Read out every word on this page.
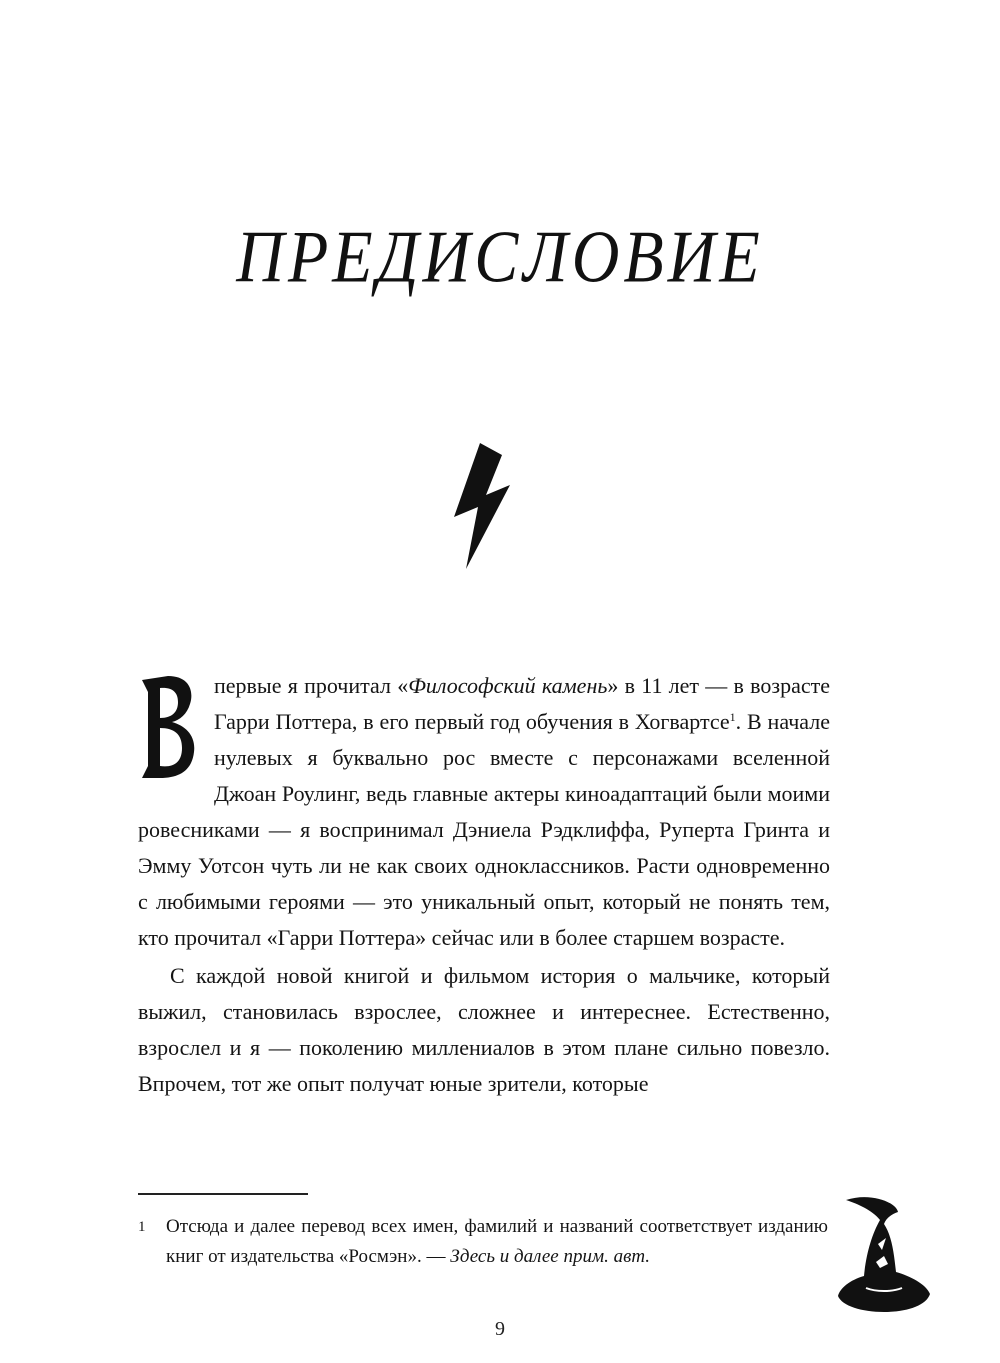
ПРЕДИСЛОВИЕ

первые я прочитал «Философский камень» в 11 лет — в возрасте Гарри Поттера, в его первый год обучения в Хогвартсе$^1$. В начале нулевых я буквально рос вместе с персонажами вселенной Джоан Роулинг, ведь главные актеры киноадаптаций были моими ровесниками — я воспринимал Дэниела Рэдклиффа, Руперта Гринта и Эмму Уотсон чуть ли не как своих одноклассников. Расти одновременно с любимыми героями — это уникальный опыт, который не понять тем, кто прочитал «Гарри Поттера» сейчас или в более старшем возрасте.

С каждой новой книгой и фильмом история о мальчике, который выжил, становилась взрослее, сложнее и интереснее. Естественно, взрослел и я — поколению миллениалов в этом плане сильно повезло. Впрочем, тот же опыт получат юные зрители, которые

1 Отсюда и далее перевод всех имен, фамилий и названий соответствует изданию книг от издательства «Росмэн». — Здесь и далее прим. авт.
9
